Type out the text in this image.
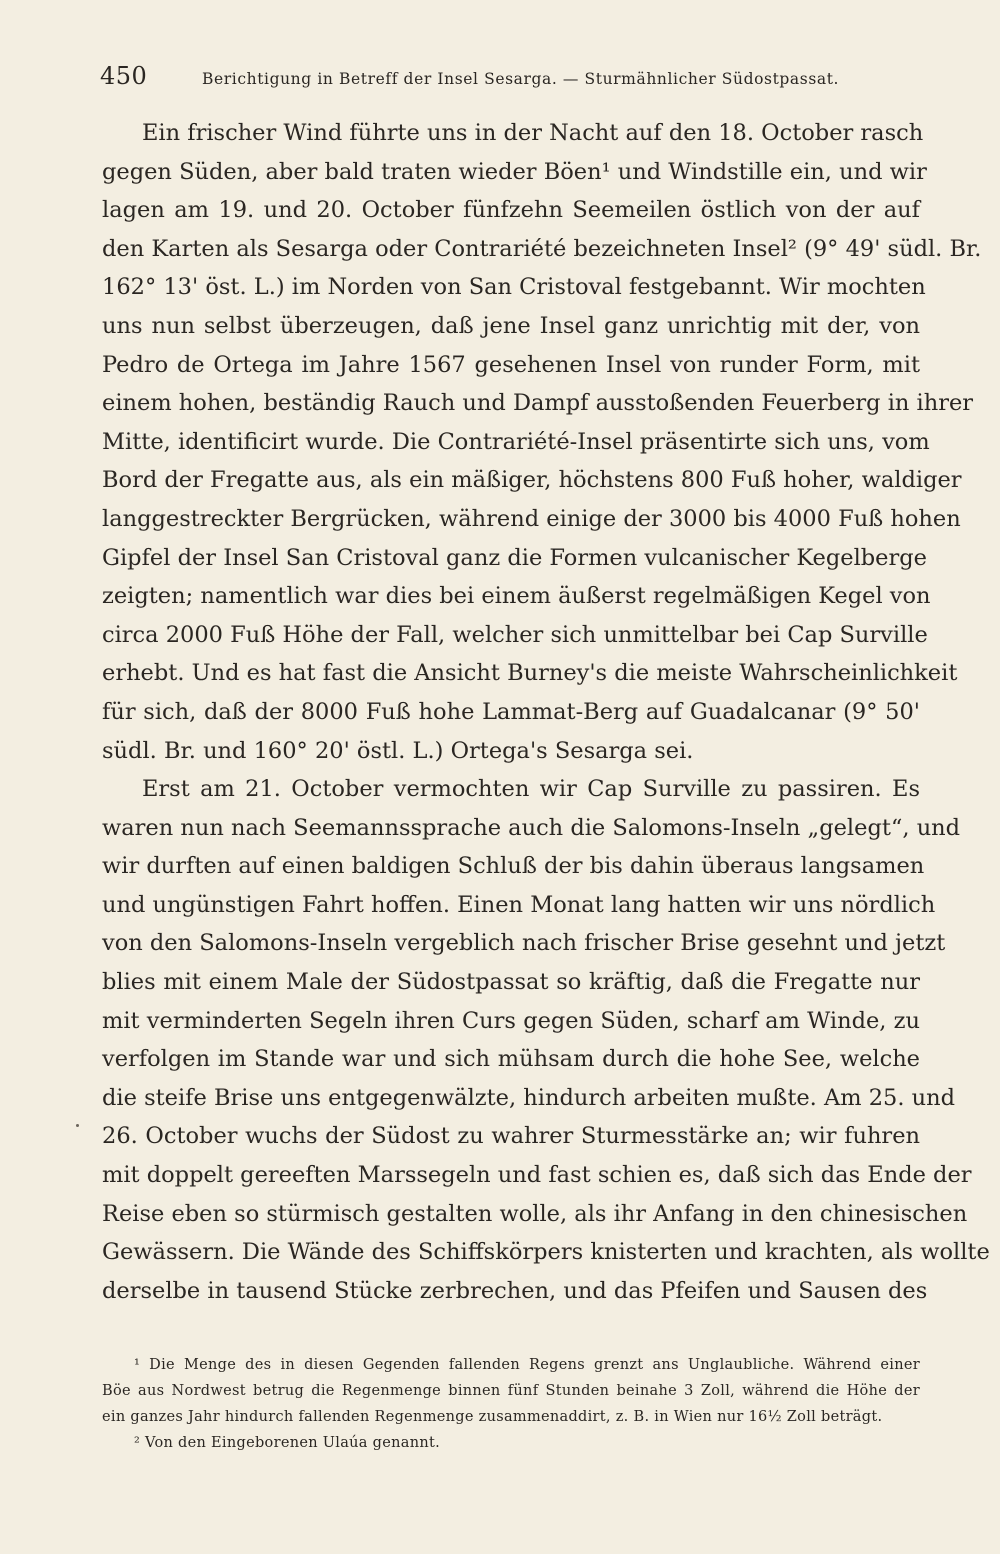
450	Berichtigung in Betreff der Insel Sesarga. — Sturmähnlicher Südostpassat.
Ein frischer Wind führte uns in der Nacht auf den 18. October rasch
gegen Süden, aber bald traten wieder Böen¹ und Windstille ein, und wir
lagen am 19. und 20. October fünfzehn Seemeilen östlich von der auf
den Karten als Sesarga oder Contrariété bezeichneten Insel² (9° 49' südl. Br.
162° 13' öst. L.) im Norden von San Cristoval festgebannt. Wir mochten
uns nun selbst überzeugen, daß jene Insel ganz unrichtig mit der, von
Pedro de Ortega im Jahre 1567 gesehenen Insel von runder Form, mit
einem hohen, beständig Rauch und Dampf ausstoßenden Feuerberg in ihrer
Mitte, identificirt wurde. Die Contrariété-Insel präsentirte sich uns, vom
Bord der Fregatte aus, als ein mäßiger, höchstens 800 Fuß hoher, waldiger
langgestreckter Bergrücken, während einige der 3000 bis 4000 Fuß hohen
Gipfel der Insel San Cristoval ganz die Formen vulcanischer Kegelberge
zeigten; namentlich war dies bei einem äußerst regelmäßigen Kegel von
circa 2000 Fuß Höhe der Fall, welcher sich unmittelbar bei Cap Surville
erhebt. Und es hat fast die Ansicht Burney's die meiste Wahrscheinlichkeit
für sich, daß der 8000 Fuß hohe Lammat-Berg auf Guadalcanar (9° 50'
südl. Br. und 160° 20' östl. L.) Ortega's Sesarga sei.
Erst am 21. October vermochten wir Cap Surville zu passiren. Es
waren nun nach Seemannssprache auch die Salomons-Inseln „gelegt“, und
wir durften auf einen baldigen Schluß der bis dahin überaus langsamen
und ungünstigen Fahrt hoffen. Einen Monat lang hatten wir uns nördlich
von den Salomons-Inseln vergeblich nach frischer Brise gesehnt und jetzt
blies mit einem Male der Südostpassat so kräftig, daß die Fregatte nur
mit verminderten Segeln ihren Curs gegen Süden, scharf am Winde, zu
verfolgen im Stande war und sich mühsam durch die hohe See, welche
die steife Brise uns entgegenwälzte, hindurch arbeiten mußte. Am 25. und
26. October wuchs der Südost zu wahrer Sturmesstärke an; wir fuhren
mit doppelt gereeften Marssegeln und fast schien es, daß sich das Ende der
Reise eben so stürmisch gestalten wolle, als ihr Anfang in den chinesischen
Gewässern. Die Wände des Schiffskörpers knisterten und krachten, als wollte
derselbe in tausend Stücke zerbrechen, und das Pfeifen und Sausen des
¹ Die Menge des in diesen Gegenden fallenden Regens grenzt ans Unglaubliche. Während einer
Böe aus Nordwest betrug die Regenmenge binnen fünf Stunden beinahe 3 Zoll, während die Höhe der
ein ganzes Jahr hindurch fallenden Regenmenge zusammenaddirt, z. B. in Wien nur 16½ Zoll beträgt.
² Von den Eingeborenen Ulaúa genannt.
